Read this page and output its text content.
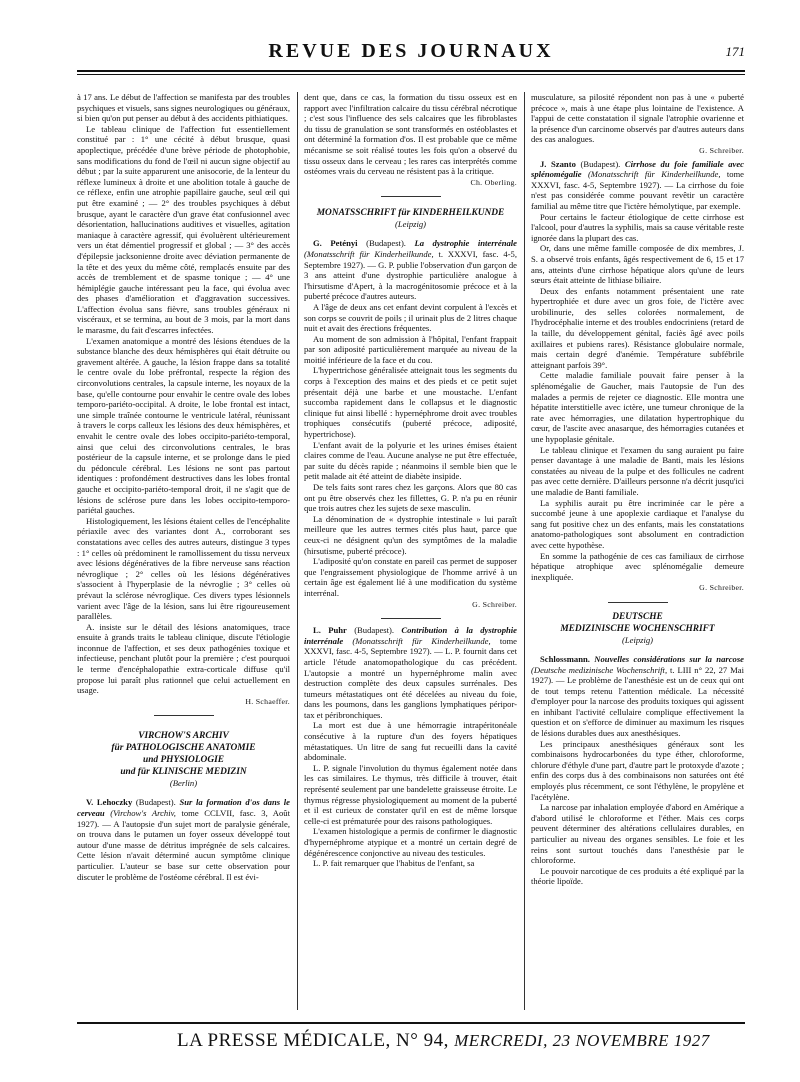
REVUE DES JOURNAUX	171

à 17 ans. Le début de l'affection se manifesta par des troubles psychiques et visuels, sans signes neurologiques ou généraux, si bien qu'on put penser au début à des accidents pithiatiques.

Le tableau clinique de l'affection fut essentiellement constitué par : 1° une cécité à début brusque, quasi apoplectique, précédée d'une brève période de photophobie, sans modifications du fond de l'œil ni aucun signe objectif au début ; par la suite apparurent une anisocorie, de la lenteur du réflexe lumineux à droite et une abolition totale à gauche de ce réflexe, enfin une atrophie papillaire gauche, seul œil qui put être examiné ; — 2° des troubles psychiques à début brusque, ayant le caractère d'un grave état confusionnel avec désorientation, hallucinations auditives et visuelles, agitation maniaque à caractère agressif, qui évoluèrent ultérieurement vers un état démentiel progressif et global ; — 3° des accès d'épilepsie jacksonienne droite avec déviation permanente de la tête et des yeux du même côté, remplacés ensuite par des accès de tremblement et de spasme tonique ; — 4° une hémiplégie gauche intéressant peu la face, qui évolua avec des phases d'amélioration et d'aggravation successives. L'affection évolua sans fièvre, sans troubles généraux ni viscéraux, et se termina, au bout de 3 mois, par la mort dans le marasme, du fait d'escarres infectées.

L'examen anatomique a montré des lésions étendues de la substance blanche des deux hémisphères qui était détruite ou gravement altérée. A gauche, la lésion frappe dans sa totalité le centre ovale du lobe préfrontal, respecte la région des circonvolutions centrales, la capsule interne, les noyaux de la base, qu'elle contourne pour envahir le centre ovale des lobes temporo-pariéto-occipital. A droite, le lobe frontal est intact, une simple traînée contourne le ventricule latéral, réunissant à travers le corps calleux les lésions des deux hémisphères, et envahit le centre ovale des lobes occipito-pariéto-temporal, ainsi que celui des circonvolutions centrales, le bras postérieur de la capsule interne, et se prolonge dans le pied du pédoncule cérébral. Les lésions ne sont pas partout identiques : profondément destructives dans les lobes frontal gauche et occipito-pariéto-temporal droit, il ne s'agit que de lésions de sclérose pure dans les lobes occipito-temporo-pariétal gauches.

Histologiquement, les lésions étaient celles de l'encéphalite périaxile avec des variantes dont A., corroborant ses constatations avec celles des autres auteurs, distingue 3 types : 1° celles où prédominent le ramollissement du tissu nerveux avec lésions dégénératives de la fibre nerveuse sans réaction névroglique ; 2° celles où les lésions dégénératives s'associent à l'hyperplasie de la névroglie ; 3° celles où prévaut la sclérose névroglique. Ces divers types lésionnels varient avec l'âge de la lésion, sans lui être rigoureusement parallèles.

A. insiste sur le détail des lésions anatomiques, trace ensuite à grands traits le tableau clinique, discute l'étiologie inconnue de l'affection, et ses deux pathogénies toxique et infectieuse, penchant plutôt pour la première ; c'est pourquoi le terme d'encéphalopathie extra-corticale diffuse qu'il propose lui paraît plus rationnel que celui actuellement en usage.

H. Schaeffer.
VIRCHOW'S ARCHIV
für PATHOLOGISCHE ANATOMIE
und PHYSIOLOGIE
und für KLINISCHE MEDIZIN
(Berlin)

V. Lehoczky (Budapest). Sur la formation d'os dans le cerveau (Virchow's Archiv, tome CCLVII, fasc. 3, Août 1927). — A l'autopsie d'un sujet mort de paralysie générale, on trouva dans le putamen un foyer osseux développé tout autour d'une masse de détritus imprégnée de sels calcaires. Cette lésion n'avait déterminé aucun symptôme clinique particulier. L'auteur se base sur cette observation pour discuter le problème de l'ostéome cérébral. Il est évi-

dent que, dans ce cas, la formation du tissu osseux est en rapport avec l'infiltration calcaire du tissu cérébral nécrotique ; c'est sous l'influence des sels calcaires que les fibroblastes du tissu de granulation se sont transformés en ostéoblastes et ont déterminé la formation d'os. Il est probable que ce même mécanisme se soit réalisé toutes les fois qu'on a observé du tissu osseux dans le cerveau ; les rares cas interprétés comme ostéomes vrais du cerveau ne résistent pas à la critique.

Ch. Oberling.
MONATSSCHRIFT für KINDERHEILKUNDE
(Leipzig)

G. Petényi (Budapest). La dystrophie interrénale (Monatsschrift für Kinderheilkunde, t. XXXVI, fasc. 4-5, Septembre 1927). — G. P. publie l'observation d'un garçon de 3 ans atteint d'une dystrophie particulière analogue à l'hirsutisme d'Apert, à la macrogénitosomie précoce et à la puberté précoce d'autres auteurs.

A l'âge de deux ans cet enfant devint corpulent à l'excès et son corps se couvrit de poils ; il urinait plus de 2 litres chaque nuit et avait des érections fréquentes.

Au moment de son admission à l'hôpital, l'enfant frappait par son adiposité particulièrement marquée au niveau de la moitié inférieure de la face et du cou.

L'hypertrichose généralisée atteignait tous les segments du corps à l'exception des mains et des pieds et ce petit sujet présentait déjà une barbe et une moustache. L'enfant succomba rapidement dans le collapsus et le diagnostic clinique fut ainsi libellé : hypernéphrome droit avec troubles trophiques consécutifs (puberté précoce, adiposité, hypertrichose).

L'enfant avait de la polyurie et les urines émises étaient claires comme de l'eau. Aucune analyse ne put être effectuée, par suite du décès rapide ; néanmoins il semble bien que le petit malade ait été atteint de diabète insipide.

De tels faits sont rares chez les garçons. Alors que 80 cas ont pu être observés chez les fillettes, G. P. n'a pu en réunir que trois autres chez les sujets de sexe masculin.

La dénomination de « dystrophie intestinale » lui paraît meilleure que les autres termes cités plus haut, parce que ceux-ci ne désignent qu'un des symptômes de la maladie (hirsutisme, puberté précoce).

L'adiposité qu'on constate en pareil cas permet de supposer que l'engraissement physiologique de l'homme arrivé à un certain âge est également lié à une modification du système interrénal.

G. Schreiber.

L. Puhr (Budapest). Contribution à la dystrophie interrénale (Monatsschrift für Kinderheilkunde, tome XXXVI, fasc. 4-5, Septembre 1927). — L. P. fournit dans cet article l'étude anatomopathologique du cas précédent. L'autopsie a montré un hypernéphrome malin avec destruction complète des deux capsules surrénales. Des tumeurs métastatiques ont été décelées au niveau du foie, dans les poumons, dans les ganglions lymphatiques péripor-tax et péribronchiques.

La mort est due à une hémorragie intrapéritonéale consécutive à la rupture d'un des foyers hépatiques métastatiques. Un litre de sang fut recueilli dans la cavité abdominale.

L. P. signale l'involution du thymus également notée dans les cas similaires. Le thymus, très difficile à trouver, était représenté seulement par une bandelette graisseuse étroite. Le thymus régresse physiologiquement au moment de la puberté et il est curieux de constater qu'il en est de même lorsque celle-ci est prématurée pour des raisons pathologiques.

L'examen histologique a permis de confirmer le diagnostic d'hypernéphrome atypique et a montré un certain degré de dégénérescence conjonctive au niveau des testicules.

L. P. fait remarquer que l'habitus de l'enfant, sa

musculature, sa pilosité répondent non pas à une « puberté précoce », mais à une étape plus lointaine de l'existence. A l'appui de cette constatation il signale l'atrophie ovarienne et la présence d'un carcinome observés par d'autres auteurs dans des cas analogues.

G. Schreiber.

J. Szanto (Budapest). Cirrhose du foie familiale avec splénomégalie (Monatsschrift für Kinderheilkunde, tome XXXVI, fasc. 4-5, Septembre 1927). — La cirrhose du foie n'est pas considérée comme pouvant revêtir un caractère familial au même titre que l'ictère hémolytique, par exemple.

Pour certains le facteur étiologique de cette cirrhose est l'alcool, pour d'autres la syphilis, mais sa cause véritable reste ignorée dans la plupart des cas.

Or, dans une même famille composée de dix membres, J. S. a observé trois enfants, âgés respectivement de 6, 15 et 17 ans, atteints d'une cirrhose hépatique alors qu'une de leurs sœurs était atteinte de lithiase biliaire.

Deux des enfants notamment présentaient une rate hypertrophiée et dure avec un gros foie, de l'ictère avec urobilinurie, des selles colorées normalement, de l'hydrocéphalie interne et des troubles endocriniens (retard de la taille, du développement génital, faciès âgé avec poils axillaires et pubiens rares). Résistance globulaire normale, mais certain degré d'anémie. Température subfébrile atteignant parfois 39°.

Cette maladie familiale pouvait faire penser à la splénomégalie de Gaucher, mais l'autopsie de l'un des malades a permis de rejeter ce diagnostic. Elle montra une hépatite interstitielle avec ictère, une tumeur chronique de la rate avec hémorragies, une dilatation hypertrophique du cœur, de l'ascite avec anasarque, des hémorragies cutanées et une hypoplasie génitale.

Le tableau clinique et l'examen du sang auraient pu faire penser davantage à une maladie de Banti, mais les lésions constatées au niveau de la pulpe et des follicules ne cadrent pas avec cette dernière. D'ailleurs personne n'a décrit jusqu'ici une maladie de Banti familiale.

La syphilis aurait pu être incriminée car le père a succombé jeune à une apoplexie cardiaque et l'analyse du sang fut positive chez un des enfants, mais les constatations anatomo-pathologiques sont absolument en contradiction avec cette hypothèse.

En somme la pathogénie de ces cas familiaux de cirrhose hépatique atrophique avec splénomégalie demeure inexpliquée.

G. Schreiber.
DEUTSCHE
MEDIZINISCHE WOCHENSCHRIFT
(Leipzig)

Schlossmann. Nouvelles considérations sur la narcose (Deutsche medizinische Wochenschrift, t. LIII n° 22, 27 Mai 1927). — Le problème de l'anesthésie est un de ceux qui ont de tout temps retenu l'attention médicale. La nécessité d'employer pour la narcose des produits toxiques qui agissent en inhibant l'activité cellulaire complique effectivement la question et on s'efforce de diminuer au maximum les risques de lésions durables dues aux anesthésiques.

Les principaux anesthésiques généraux sont les combinaisons hydrocarbonées du type éther, chloroforme, chlorure d'éthyle d'une part, d'autre part le protoxyde d'azote ; enfin des corps dus à des combinaisons non saturées ont été employés plus récemment, ce sont l'éthylène, le propylène et l'acétylène.

La narcose par inhalation employée d'abord en Amérique a d'abord utilisé le chloroforme et l'éther. Mais ces corps peuvent déterminer des altérations cellulaires durables, en particulier au niveau des organes sensibles. Le foie et les reins sont surtout touchés dans l'anesthésie par le chloroforme.

Le pouvoir narcotique de ces produits a été expliqué par la théorie lipoïde.

LA PRESSE MÉDICALE, N° 94, MERCREDI, 23 NOVEMBRE 1927
